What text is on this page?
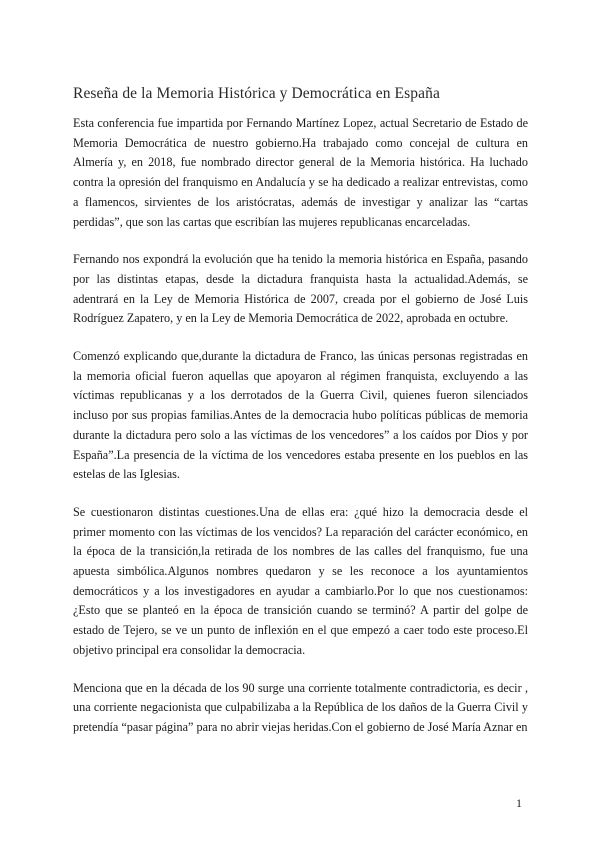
Reseña de la Memoria Histórica y Democrática en España

Esta conferencia fue impartida por Fernando Martínez Lopez, actual Secretario de Estado de Memoria Democrática de nuestro gobierno.Ha trabajado como concejal de cultura en Almería y, en 2018, fue nombrado director general de la Memoria histórica. Ha luchado contra la opresión del franquismo en Andalucía y se ha dedicado a realizar entrevistas, como a flamencos, sirvientes de los aristócratas, además de investigar y analizar las “cartas perdidas”, que son las cartas que escribían las mujeres republicanas encarceladas.

Fernando nos expondrá la evolución que ha tenido la memoria histórica en España, pasando por las distintas etapas, desde la dictadura franquista hasta la actualidad.Además, se adentrará en la Ley de Memoria Histórica de 2007, creada por el gobierno de José Luis Rodríguez Zapatero, y en la Ley de Memoria Democrática de 2022, aprobada en octubre.

Comenzó explicando que,durante la dictadura de Franco, las únicas personas registradas en la memoria oficial fueron aquellas que apoyaron al régimen franquista, excluyendo a las víctimas republicanas y a los derrotados de la Guerra Civil, quienes fueron silenciados incluso por sus propias familias.Antes de la democracia hubo políticas públicas de memoria durante la dictadura pero solo a las víctimas de los vencedores” a los caídos por Dios y por España”.La presencia de la víctima de los vencedores estaba presente en los pueblos en las estelas de las Iglesias.

Se cuestionaron distintas cuestiones.Una de ellas era: ¿qué hizo la democracia desde el primer momento con las víctimas de los vencidos? La reparación del carácter económico, en la época de la transición,la retirada de los nombres de las calles del franquismo, fue una apuesta simbólica.Algunos nombres quedaron y se les reconoce a los ayuntamientos democráticos y a los investigadores en ayudar a cambiarlo.Por lo que nos cuestionamos: ¿Esto que se planteó en la época de transición cuando se terminó? A partir del golpe de estado de Tejero, se ve un punto de inflexión en el que empezó a caer todo este proceso.El objetivo principal era consolidar la democracia.

Menciona que en la década de los 90 surge una corriente totalmente contradictoria, es decir , una corriente negacionista que culpabilizaba a la República de los daños de la Guerra Civil y pretendía “pasar página” para no abrir viejas heridas.Con el gobierno de José María Aznar en

1
